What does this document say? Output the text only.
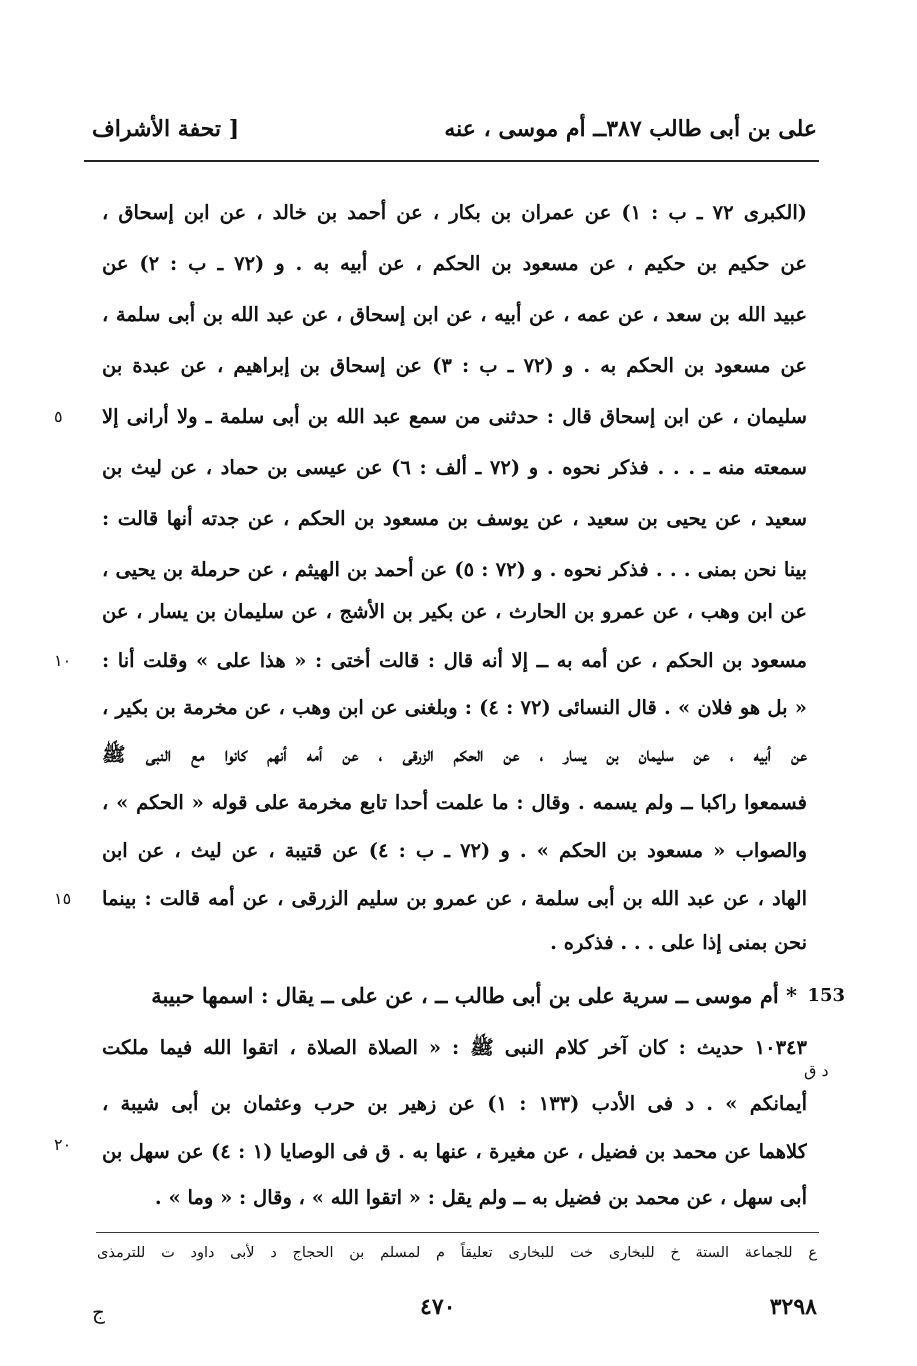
على بن أبى طالب ٣٨٧ــ أم موسى ، عنه
[ تحفة الأشراف
(الكبرى ٧٢ ـ ب : ١) عن عمران بن بكار ، عن أحمد بن خالد ، عن ابن إسحاق ،
عن حكيم بن حكيم ، عن مسعود بن الحكم ، عن أبيه به . و (٧٢ ـ ب : ٢) عن
عبيد الله بن سعد ، عن عمه ، عن أبيه ، عن ابن إسحاق ، عن عبد الله بن أبى سلمة ،
عن مسعود بن الحكم به . و (٧٢ ـ ب : ٣) عن إسحاق بن إبراهيم ، عن عبدة بن
سليمان ، عن ابن إسحاق قال : حدثنى من سمع عبد الله بن أبى سلمة ـ ولا أرانى إلا
سمعته منه ـ . . . فذكر نحوه . و (٧٢ ـ ألف : ٦) عن عيسى بن حماد ، عن ليث بن
سعيد ، عن يحيى بن سعيد ، عن يوسف بن مسعود بن الحكم ، عن جدته أنها قالت :
بينا نحن بمنى . . . فذكر نحوه . و (٧٢ : ٥) عن أحمد بن الهيثم ، عن حرملة بن يحيى ،
عن ابن وهب ، عن عمرو بن الحارث ، عن بكير بن الأشج ، عن سليمان بن يسار ، عن
مسعود بن الحكم ، عن أمه به ــ إلا أنه قال : قالت أختى : « هذا على » وقلت أنا :
« بل هو فلان » . قال النسائى (٧٢ : ٤) : وبلغنى عن ابن وهب ، عن مخرمة بن بكير ،
عن أبيه ، عن سليمان بن يسار ، عن الحكم الزرقى ، عن أمه أنهم كانوا مع النبى ﷺ
فسمعوا راكبا ــ ولم يسمه . وقال : ما علمت أحدا تابع مخرمة على قوله « الحكم » ،
والصواب « مسعود بن الحكم » . و (٧٢ ـ ب : ٤) عن قتيبة ، عن ليث ، عن ابن
الهاد ، عن عبد الله بن أبى سلمة ، عن عمرو بن سليم الزرقى ، عن أمه قالت : بينما
نحن بمنى إذا على . . . فذكره .
٥
١٠
١٥
٢٠
153
* أم موسى ــ سرية على بن أبى طالب ــ ، عن على ــ يقال : اسمها حبيبة
١٠٣٤٣ حديث : كان آخر كلام النبى ﷺ : « الصلاة الصلاة ، اتقوا الله فيما ملكت
د ق
أيمانكم » . د فى الأدب (١٣٣ : ١) عن زهير بن حرب وعثمان بن أبى شيبة ،
كلاهما عن محمد بن فضيل ، عن مغيرة ، عنها به . ق فى الوصايا (١ : ٤) عن سهل بن
أبى سهل ، عن محمد بن فضيل به ــ ولم يقل : « اتقوا الله » ، وقال : « وما » .
ع للجماعة الستة خ للبخارى خت للبخارى تعليقاً م لمسلم بن الحجاج د لأبى داود ت للترمذى
ج	٤٧٠	٣٢٩٨
